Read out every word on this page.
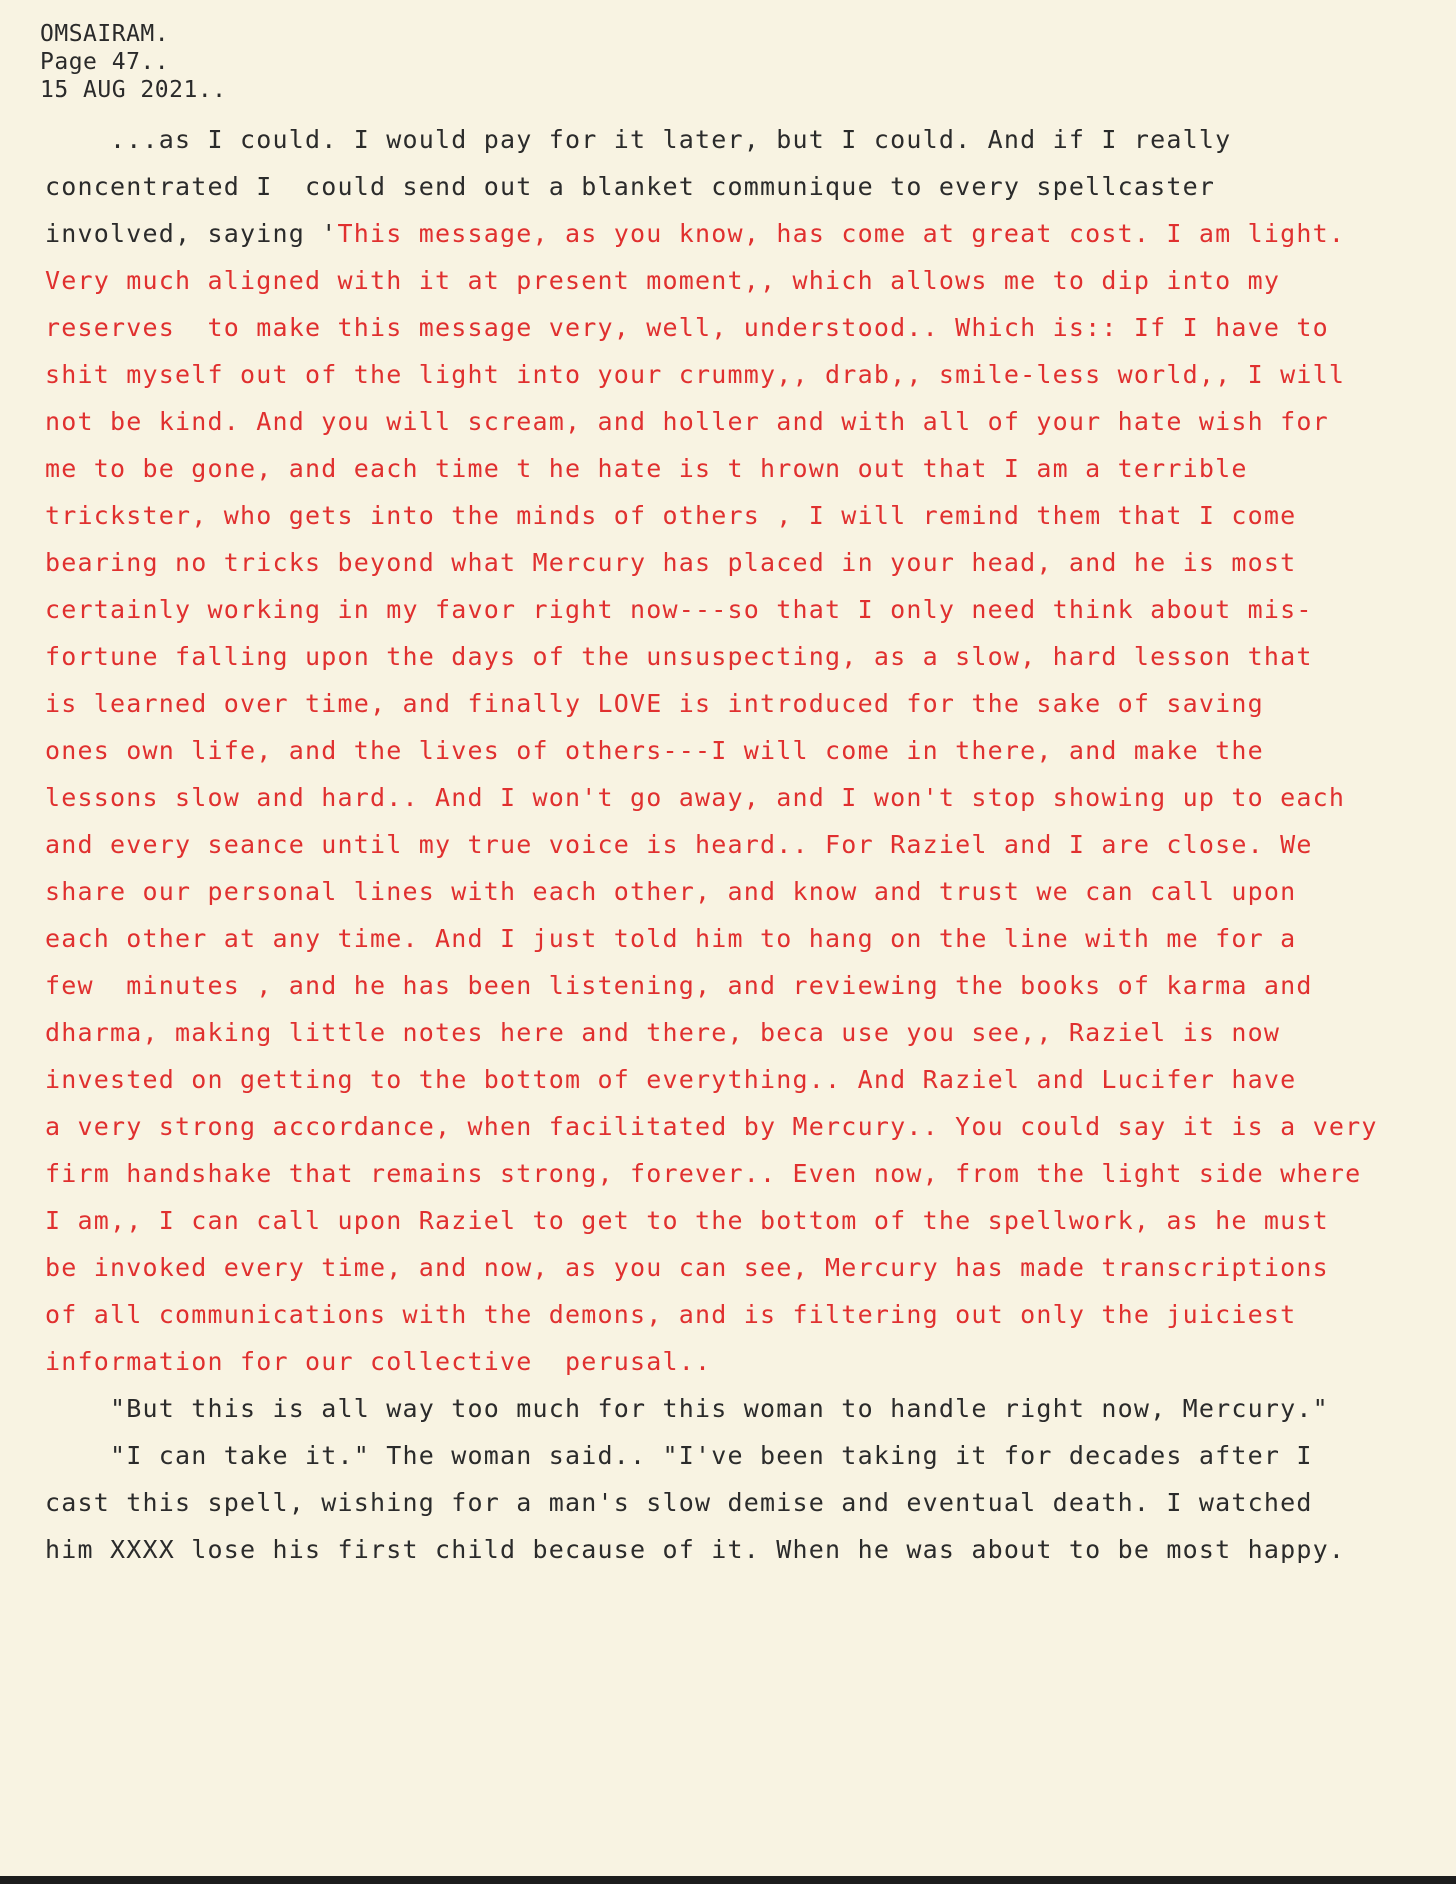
OMSAIRAM.
Page 47..
15 AUG 2021..
...as I could. I would pay for it later, but I could. And if I really
concentrated I  could send out a blanket communique to every spellcaster
involved, saying 'This message, as you know, has come at great cost. I am light.
Very much aligned with it at present moment,, which allows me to dip into my
reserves  to make this message very, well, understood.. Which is:: If I have to
shit myself out of the light into your crummy,, drab,, smile-less world,, I will
not be kind. And you will scream, and holler and with all of your hate wish for
me to be gone, and each time t he hate is t hrown out that I am a terrible
trickster, who gets into the minds of others , I will remind them that I come
bearing no tricks beyond what Mercury has placed in your head, and he is most
certainly working in my favor right now---so that I only need think about mis-
fortune falling upon the days of the unsuspecting, as a slow, hard lesson that
is learned over time, and finally LOVE is introduced for the sake of saving
ones own life, and the lives of others---I will come in there, and make the
lessons slow and hard.. And I won't go away, and I won't stop showing up to each
and every seance until my true voice is heard.. For Raziel and I are close. We
share our personal lines with each other, and know and trust we can call upon
each other at any time. And I just told him to hang on the line with me for a
few  minutes , and he has been listening, and reviewing the books of karma and
dharma, making little notes here and there, beca use you see,, Raziel is now
invested on getting to the bottom of everything.. And Raziel and Lucifer have
a very strong accordance, when facilitated by Mercury.. You could say it is a very
firm handshake that remains strong, forever.. Even now, from the light side where
I am,, I can call upon Raziel to get to the bottom of the spellwork, as he must
be invoked every time, and now, as you can see, Mercury has made transcriptions
of all communications with the demons, and is filtering out only the juiciest
information for our collective  perusal..
"But this is all way too much for this woman to handle right now, Mercury."
"I can take it." The woman said.. "I've been taking it for decades after I
cast this spell, wishing for a man's slow demise and eventual death. I watched
him XXXX lose his first child because of it. When he was about to be most happy.
